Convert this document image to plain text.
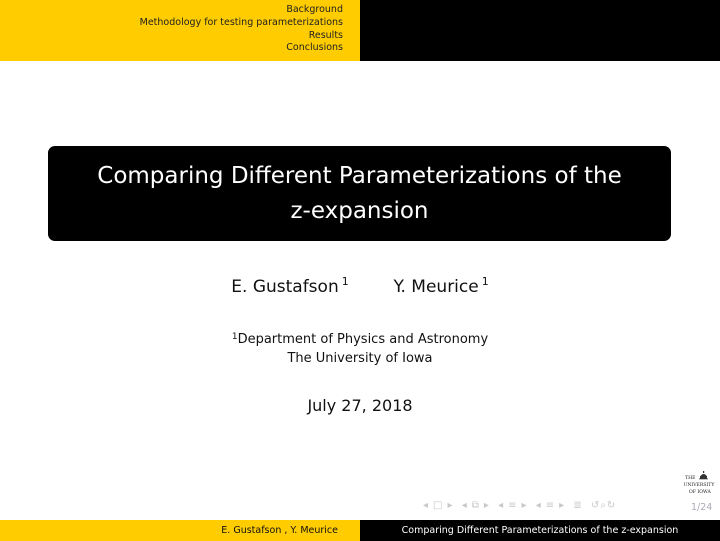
Background
Methodology for testing parameterizations
Results
Conclusions
Comparing Different Parameterizations of the
z-expansion
E. Gustafson $^1$	Y. Meurice $^1$
$^1$Department of Physics and Astronomy
The University of Iowa
July 27, 2018
THE
UNIVERSITY
OF IOWA
◂ □ ▸ ◂ ⧉ ▸ ◂ ≡ ▸ ◂ ≡ ▸ ≣ ↺⌕↻	1/24
E. Gustafson , Y. Meurice	Comparing Different Parameterizations of the z-expansion
